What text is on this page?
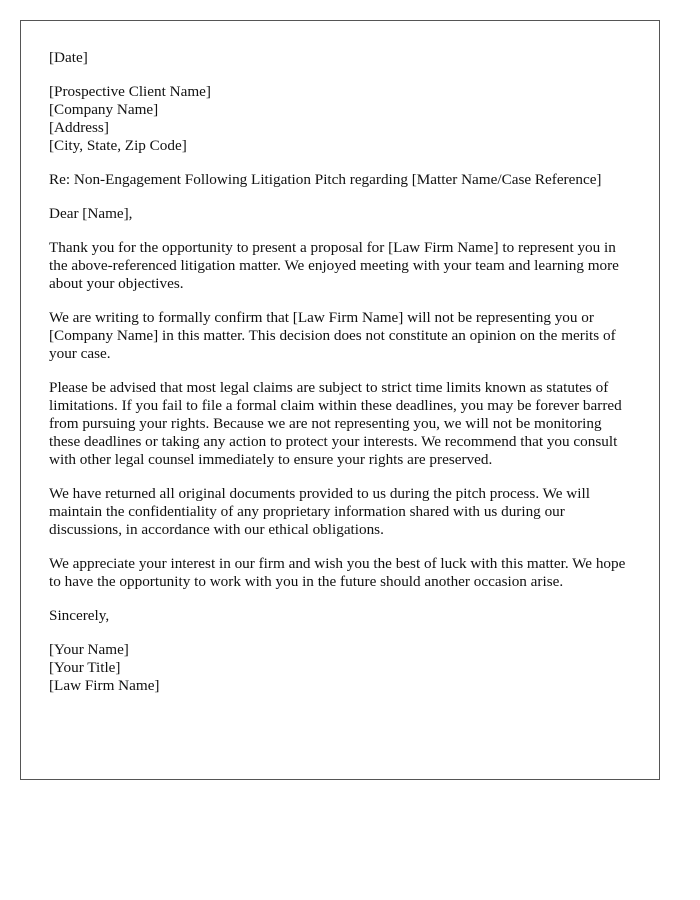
[Date]
[Prospective Client Name]
[Company Name]
[Address]
[City, State, Zip Code]
Re: Non-Engagement Following Litigation Pitch regarding [Matter Name/Case Reference]
Dear [Name],

Thank you for the opportunity to present a proposal for [Law Firm Name] to represent you in the above-referenced litigation matter. We enjoyed meeting with your team and learning more about your objectives.

We are writing to formally confirm that [Law Firm Name] will not be representing you or [Company Name] in this matter. This decision does not constitute an opinion on the merits of your case.

Please be advised that most legal claims are subject to strict time limits known as statutes of limitations. If you fail to file a formal claim within these deadlines, you may be forever barred from pursuing your rights. Because we are not representing you, we will not be monitoring these deadlines or taking any action to protect your interests. We recommend that you consult with other legal counsel immediately to ensure your rights are preserved.

We have returned all original documents provided to us during the pitch process. We will maintain the confidentiality of any proprietary information shared with us during our discussions, in accordance with our ethical obligations.

We appreciate your interest in our firm and wish you the best of luck with this matter. We hope to have the opportunity to work with you in the future should another occasion arise.

Sincerely,
[Your Name]
[Your Title]
[Law Firm Name]
